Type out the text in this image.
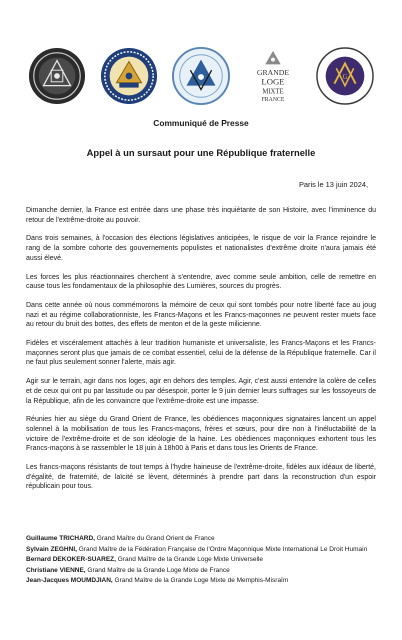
GRANDE
LOGE
MIXTE
FRANCE
G
Communiqué de Presse
Appel à un sursaut pour une République fraternelle

Paris le 13 juin 2024,

Dimanche dernier, la France est entrée dans une phase très inquiétante de son Histoire, avec l'imminence du retour de l'extrême-droite au pouvoir.

Dans trois semaines, à l'occasion des élections législatives anticipées, le risque de voir la France rejoindre le rang de la sombre cohorte des gouvernements populistes et nationalistes d'extrême droite n'aura jamais été aussi élevé.

Les forces les plus réactionnaires cherchent à s'entendre, avec comme seule ambition, celle de remettre en cause tous les fondamentaux de la philosophie des Lumières, sources du progrès.

Dans cette année où nous commémorons la mémoire de ceux qui sont tombés pour notre liberté face au joug nazi et au régime collaborationniste, les Francs-Maçons et les Francs-maçonnes ne peuvent rester muets face au retour du bruit des bottes, des effets de menton et de la geste milicienne.

Fidèles et viscéralement attachés à leur tradition humaniste et universaliste, les Francs-Maçons et les Francs-maçonnes seront plus que jamais de ce combat essentiel, celui de la défense de la République fraternelle. Car il ne faut plus seulement sonner l'alerte, mais agir.

Agir sur le terrain, agir dans nos loges, agir en dehors des temples. Agir, c'est aussi entendre la colère de celles et de ceux qui ont pu par lassitude ou par désespoir, porter le 9 juin dernier leurs suffrages sur les fossoyeurs de la République, afin de les convaincre que l'extrême-droite est une impasse.

Réunies hier au siège du Grand Orient de France, les obédiences maçonniques signataires lancent un appel solennel à la mobilisation de tous les Francs-maçons, frères et sœurs, pour dire non à l'inéluctabilité de la victoire de l'extrême-droite et de son idéologie de la haine. Les obédiences maçonniques exhortent tous les Francs-maçons à se rassembler le 18 juin à 18h00 à Paris et dans tous les Orients de France.

Les francs-maçons résistants de tout temps à l'hydre haineuse de l'extrême-droite, fidèles aux idéaux de liberté, d'égalité, de fraternité, de laïcité se lèvent, déterminés à prendre part dans la reconstruction d'un espoir républicain pour tous.

Guillaume TRICHARD, Grand Maître du Grand Orient de France
Sylvain ZEGHNI, Grand Maître de la Fédération Française de l'Ordre Maçonnique Mixte International Le Droit Humain
Bernard DEKOKER-SUAREZ, Grand Maître de la Grande Loge Mixte Universelle
Christiane VIENNE, Grand Maître de la Grande Loge Mixte de France
Jean-Jacques MOUMDJIAN, Grand Maître de la Grande Loge Mixte de Memphis-Misraïm
